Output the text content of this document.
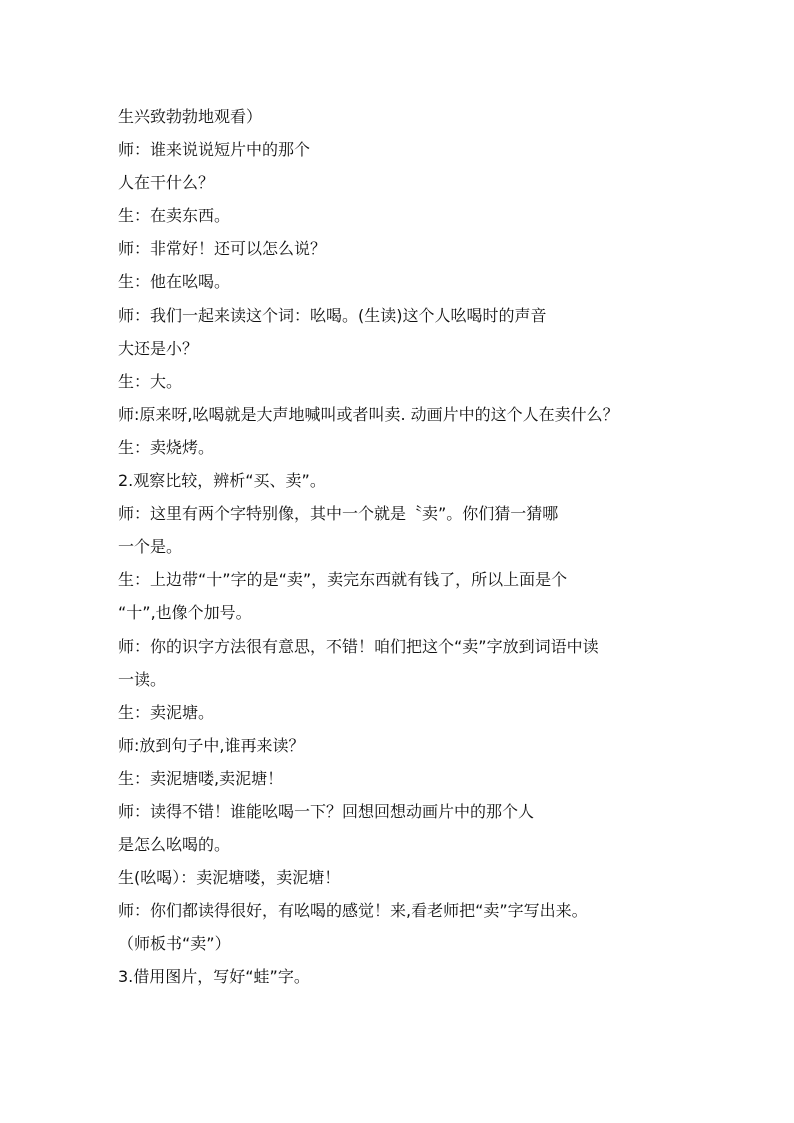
生兴致勃勃地观看）
师：谁来说说短片中的那个
人在干什么？
生：在卖东西。
师：非常好！还可以怎么说？
生：他在吆喝。
师：我们一起来读这个词：吆喝。(生读)这个人吆喝时的声音
大还是小？
生：大。
师:原来呀,吆喝就是大声地喊叫或者叫卖. 动画片中的这个人在卖什么？
生：卖烧烤。
2.观察比较，辨析“买、卖”。
师：这里有两个字特别像，其中一个就是〝卖”。你们猜一猜哪
一个是。
生：上边带“十”字的是“卖”，卖完东西就有钱了，所以上面是个
“十”,也像个加号。
师：你的识字方法很有意思，不错！咱们把这个“卖”字放到词语中读
一读。
生：卖泥塘。
师:放到句子中,谁再来读？
生：卖泥塘喽,卖泥塘！
师：读得不错！谁能吆喝一下？回想回想动画片中的那个人
是怎么吆喝的。
生(吆喝）：卖泥塘喽，卖泥塘！
师：你们都读得很好，有吆喝的感觉！来,看老师把“卖”字写出来。
（师板书“卖”）
3.借用图片，写好“蛙”字。
